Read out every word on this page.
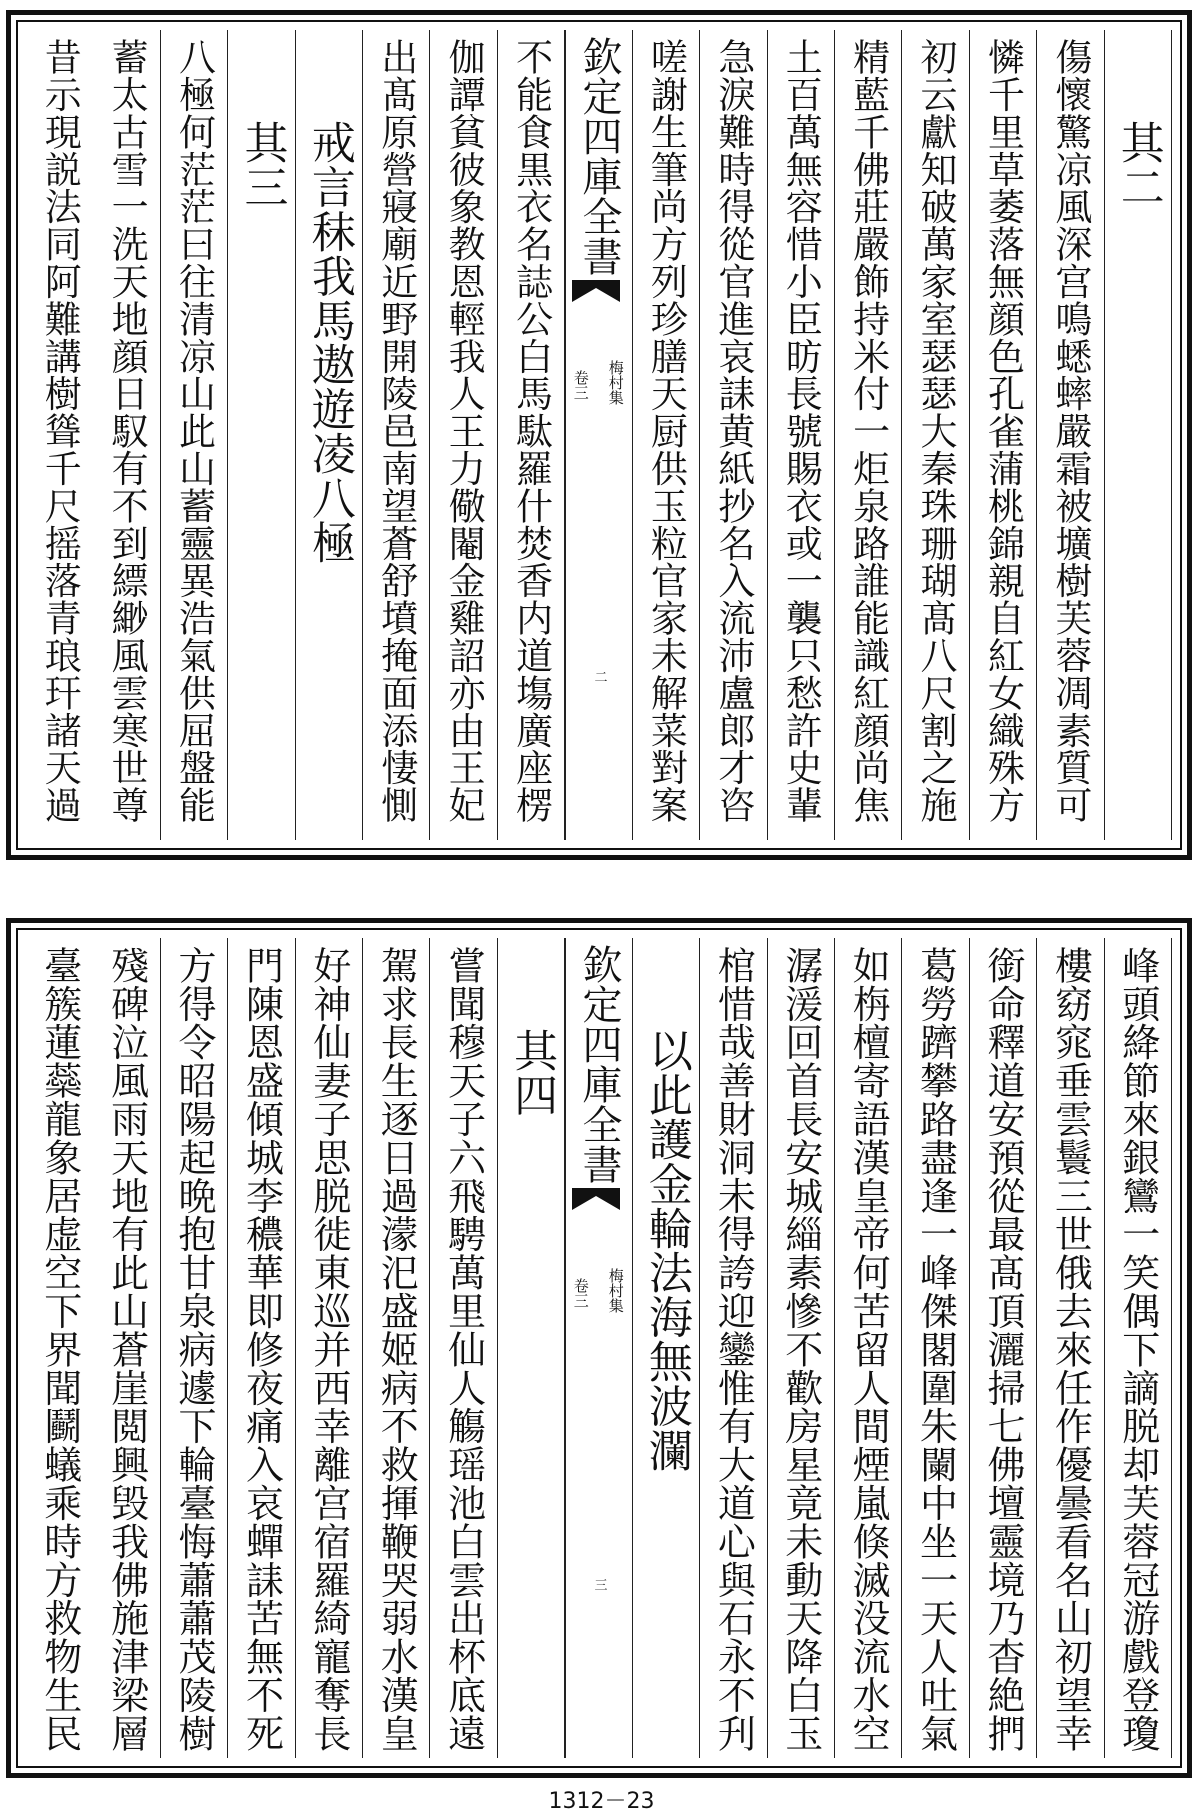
其二
傷懷驚凉風深宫鳴蟋蟀嚴霜被壙樹芙蓉凋素質可
憐千里草萎落無顔色孔雀蒲桃錦親自紅女織殊方
初云獻知破萬家室瑟瑟大秦珠珊瑚髙八尺割之施
精藍千佛莊嚴飾持米付一炬泉路誰能識紅顔尚焦
土百萬無容惜小臣昉長號賜衣或一襲只愁許史輩
急淚難時得從官進哀誄黄紙抄名入流沛盧郎才咨
嗟謝生筆尚方列珍膳天厨供玉粒官家未解菜對案
欽定四庫全書
梅村集
卷三
二
不能食黒衣名誌公白馬駄羅什焚香内道塲廣座楞
伽譚貧彼象教恩輕我人王力儆閹金雞詔亦由王妃
出髙原營寢廟近野開陵邑南望蒼舒墳掩面添悽惻
戒言秣我馬遨遊凌八極
其三
八極何茫茫曰往清凉山此山蓄靈異浩氣供屈盤能
蓄太古雪一洗天地顔日馭有不到縹緲風雲寒世尊
昔示現説法同阿難講樹聳千尺摇落青琅玕諸天過
峰頭絳節來銀鸞一笑偶下謫脱却芙蓉冠游戲登瓊
樓窈窕垂雲鬟三世俄去來任作優曇看名山初望幸
銜命釋道安預從最髙頂灑掃七佛壇靈境乃杳絶捫
葛勞躋攀路盡逢一峰傑閣圍朱闌中坐一天人吐氣
如栴檀寄語漢皇帝何苦留人間煙嵐倏滅没流水空
潺湲回首長安城緇素慘不歡房星竟未動天降白玉
棺惜哉善財洞未得誇迎鑾惟有大道心與石永不刋
以此護金輪法海無波瀾
欽定四庫全書
梅村集
卷三
三
其四
嘗聞穆天子六飛騁萬里仙人觴瑶池白雲出杯底遠
駕求長生逐日過濛汜盛姬病不救揮鞭哭弱水漢皇
好神仙妻子思脱徙東巡并西幸離宫宿羅綺寵奪長
門陳恩盛傾城李穠華即修夜痛入哀蟬誄苦無不死
方得令昭陽起晩抱甘泉病遽下輪臺悔蕭蕭茂陵樹
殘碑泣風雨天地有此山蒼崖閲興毁我佛施津梁層
臺簇蓮蘂龍象居虚空下界聞鬬蟻乘時方救物生民
1312－23
